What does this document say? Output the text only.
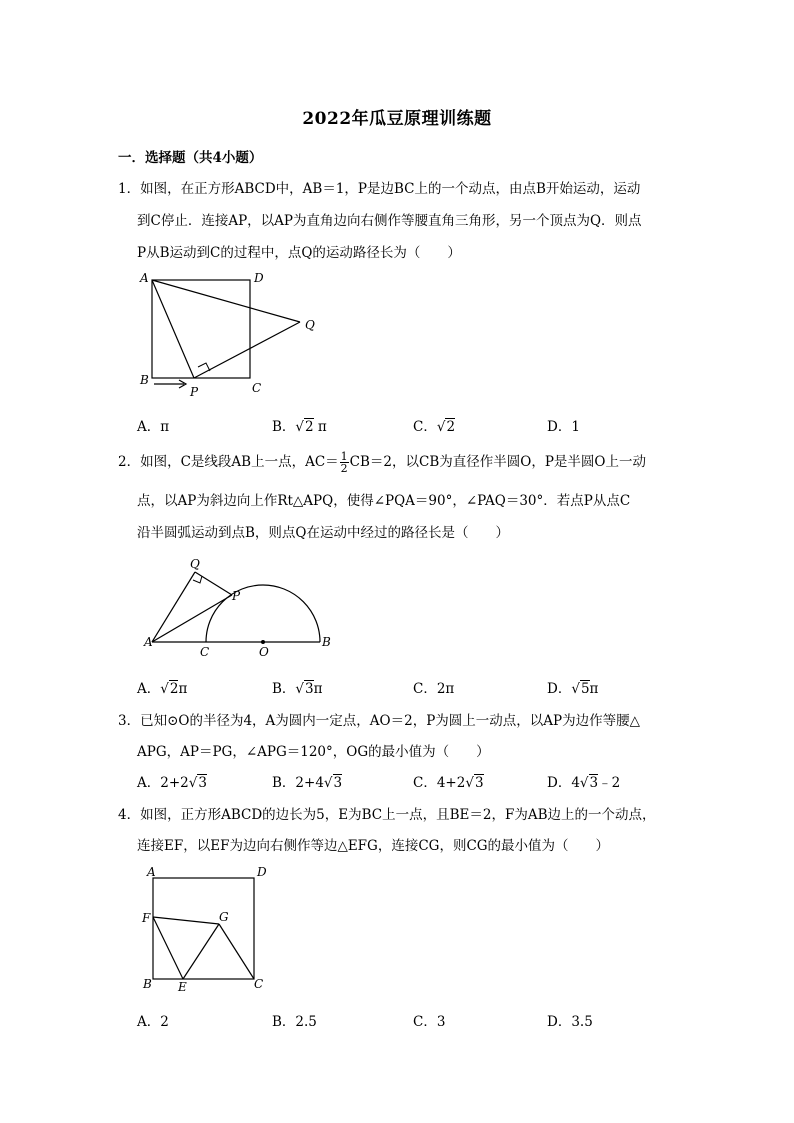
2022年瓜豆原理训练题
一．选择题（共4小题）
1．如图，在正方形ABCD中，AB＝1，P是边BC上的一个动点，由点B开始运动，运动
到C停止．连接AP，以AP为直角边向右侧作等腰直角三角形，另一个顶点为Q．则点
P从B运动到C的过程中，点Q的运动路径长为（　　）
A	D
Q
B
P	C
A．π	B．√2 π	C．√2	D．1
2．如图，C是线段AB上一点，$AC= \frac{1}{2} CB=2$，以CB为直径作半圆O，P是半圆O上一动
点，以AP为斜边向上作Rt△APQ，使得∠PQA＝90°，∠PAQ＝30°．若点P从点C
沿半圆弧运动到点B，则点Q在运动中经过的路径长是（　　）
Q
P
A
C	O
B
A．√2π	B．√3π	C．2π	D．√5π
3．已知⊙O的半径为4，A为圆内一定点，AO＝2，P为圆上一动点，以AP为边作等腰△
APG，AP＝PG，∠APG＝120°，OG的最小值为（　　）
A．2+2√3	B．2+4√3	C．4+2√3	D．4√3﹣2
4．如图，正方形ABCD的边长为5，E为BC上一点，且BE＝2，F为AB边上的一个动点，
连接EF，以EF为边向右侧作等边△EFG，连接CG，则CG的最小值为（　　）
A	D
F	G
B E	C
A．2	B．2.5	C．3	D．3.5
